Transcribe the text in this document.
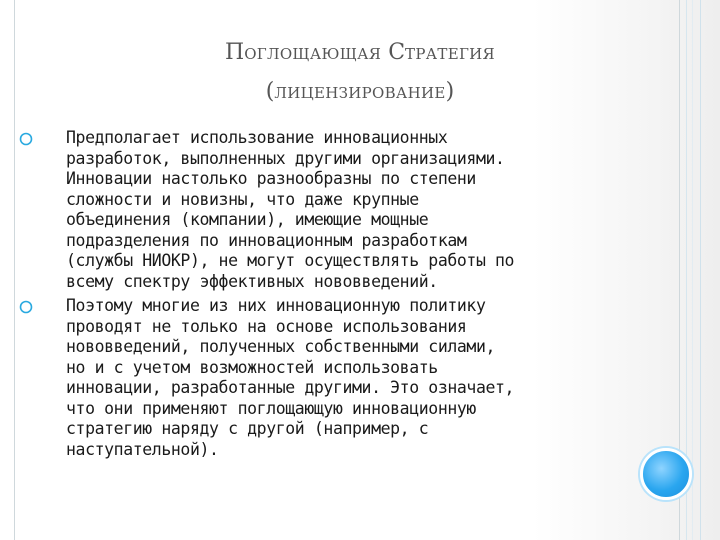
ПОГЛОЩАЮЩАЯ СТРАТЕГИЯ
(ЛИЦЕНЗИРОВАНИЕ)
Предполагает использование инновационных
разработок, выполненных другими организациями.
Инновации настолько разнообразны по степени
сложности и новизны, что даже крупные
объединения (компании), имеющие мощные
подразделения по инновационным разработкам
(службы НИОКР), не могут осуществлять работы по
всему спектру эффективных нововведений.
Поэтому многие из них инновационную политику
проводят не только на основе использования
нововведений, полученных собственными силами,
но и с учетом возможностей использовать
инновации, разработанные другими. Это означает,
что они применяют поглощающую инновационную
стратегию наряду с другой (например, с
наступательной).
